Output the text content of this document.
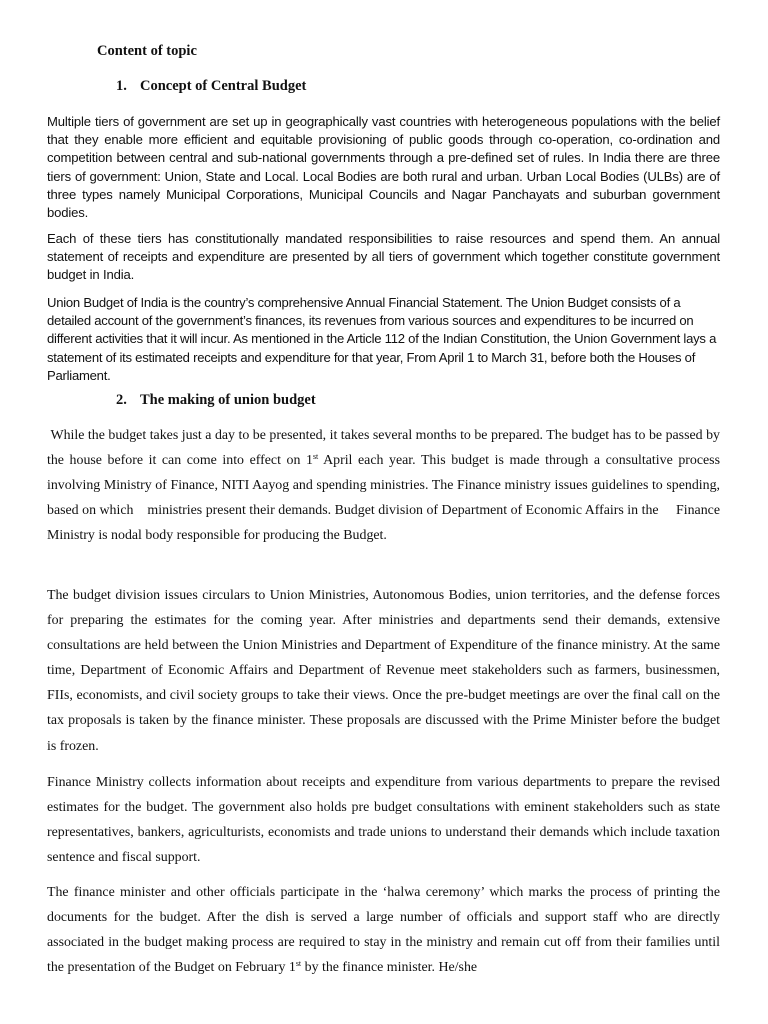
Content of topic
1. Concept of Central Budget

Multiple tiers of government are set up in geographically vast countries with heterogeneous populations with the belief that they enable more efficient and equitable provisioning of public goods through co-operation, co-ordination and competition between central and sub-national governments through a pre-defined set of rules. In India there are three tiers of government: Union, State and Local. Local Bodies are both rural and urban. Urban Local Bodies (ULBs) are of three types namely Municipal Corporations, Municipal Councils and Nagar Panchayats and suburban government bodies.

Each of these tiers has constitutionally mandated responsibilities to raise resources and spend them. An annual statement of receipts and expenditure are presented by all tiers of government which together constitute government budget in India.

Union Budget of India is the country’s comprehensive Annual Financial Statement. The Union Budget consists of a detailed account of the government’s finances, its revenues from various sources and expenditures to be incurred on different activities that it will incur. As mentioned in the Article 112 of the Indian Constitution, the Union Government lays a statement of its estimated receipts and expenditure for that year, From April 1 to March 31, before both the Houses of Parliament.

2. The making of union budget

While the budget takes just a day to be presented, it takes several months to be prepared. The budget has to be passed by the house before it can come into effect on 1st April each year. This budget is made through a consultative process involving Ministry of Finance, NITI Aayog and spending ministries. The Finance ministry issues guidelines to spending, based on which    ministries present their demands. Budget division of Department of Economic Affairs in the     Finance Ministry is nodal body responsible for producing the Budget.

The budget division issues circulars to Union Ministries, Autonomous Bodies, union territories, and the defense forces for preparing the estimates for the coming year. After ministries and departments send their demands, extensive consultations are held between the Union Ministries and Department of Expenditure of the finance ministry. At the same time, Department of Economic Affairs and Department of Revenue meet stakeholders such as farmers, businessmen, FIIs, economists, and civil society groups to take their views. Once the pre-budget meetings are over the final call on the tax proposals is taken by the finance minister. These proposals are discussed with the Prime Minister before the budget is frozen.

Finance Ministry collects information about receipts and expenditure from various departments to prepare the revised estimates for the budget. The government also holds pre budget consultations with eminent stakeholders such as state representatives, bankers, agriculturists, economists and trade unions to understand their demands which include taxation sentence and fiscal support.

The finance minister and other officials participate in the ‘halwa ceremony’ which marks the process of printing the documents for the budget. After the dish is served a large number of officials and support staff who are directly associated in the budget making process are required to stay in the ministry and remain cut off from their families until the presentation of the Budget on February 1st by the finance minister. He/she
